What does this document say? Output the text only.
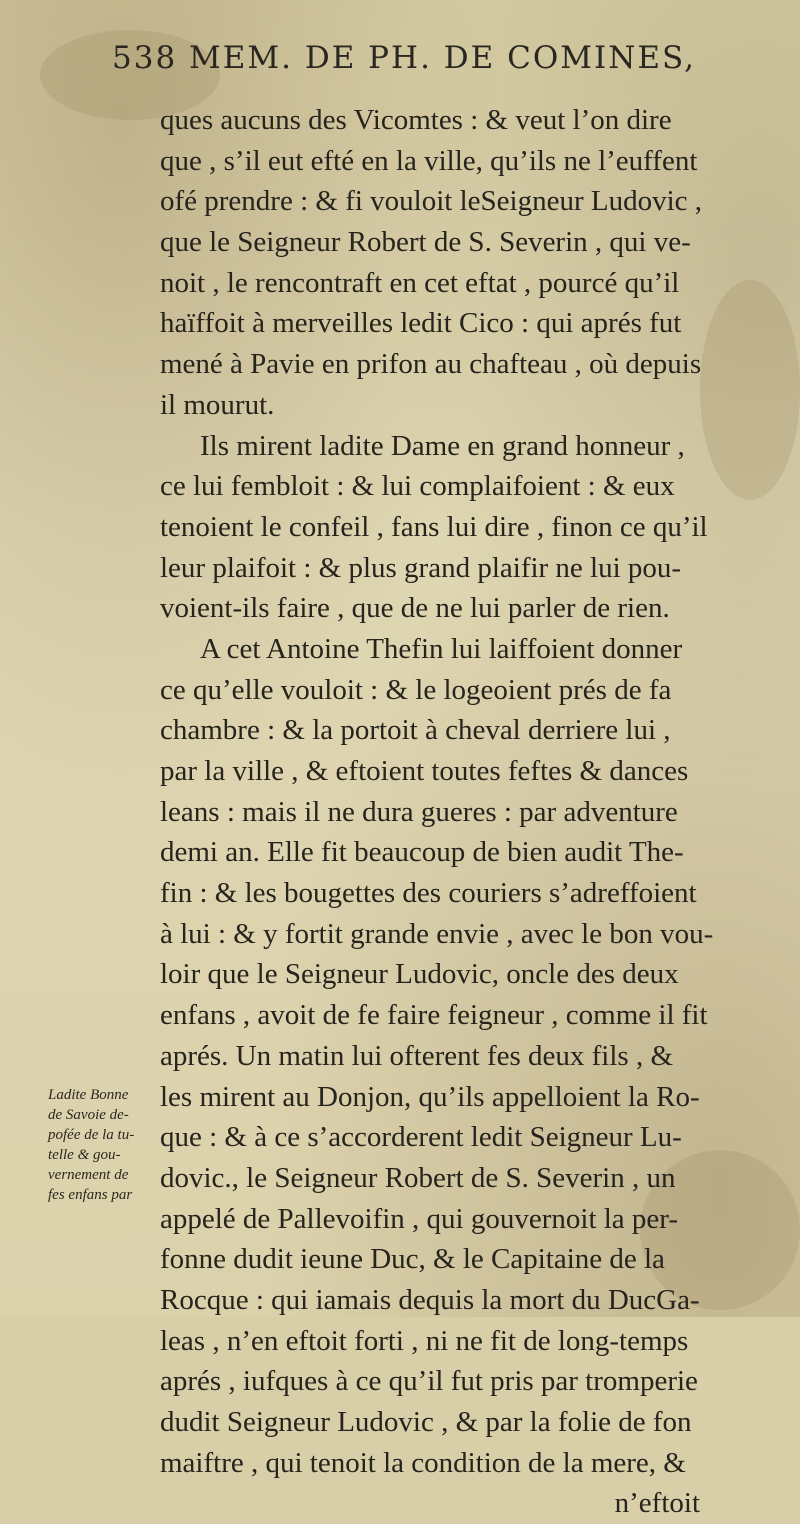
538 MEM. DE PH. DE COMINES,
ques aucuns des Vicomtes : & veut l’on dire
que , s’il eut efté en la ville, qu’ils ne l’euffent
ofé prendre : & fi vouloit leSeigneur Ludovic ,
que le Seigneur Robert de S. Severin , qui ve-
noit , le rencontraft en cet eftat , pourcé qu’il
haïffoit à merveilles ledit Cico : qui aprés fut
mené à Pavie en prifon au chafteau , où depuis
il mourut.
Ils mirent ladite Dame en grand honneur ,
ce lui fembloit : & lui complaifoient : & eux
tenoient le confeil , fans lui dire , finon ce qu’il
leur plaifoit : & plus grand plaifir ne lui pou-
voient-ils faire , que de ne lui parler de rien.
A cet Antoine Thefin lui laiffoient donner
ce qu’elle vouloit : & le logeoient prés de fa
chambre : & la portoit à cheval derriere lui ,
par la ville , & eftoient toutes feftes & dances
leans : mais il ne dura gueres : par adventure
demi an. Elle fit beaucoup de bien audit The-
fin : & les bougettes des couriers s’adreffoient
à lui : & y fortit grande envie , avec le bon vou-
loir que le Seigneur Ludovic, oncle des deux
enfans , avoit de fe faire feigneur , comme il fit
aprés. Un matin lui ofterent fes deux fils , &
les mirent au Donjon, qu’ils appelloient la Ro-
que : & à ce s’accorderent ledit Seigneur Lu-
dovic., le Seigneur Robert de S. Severin , un
appelé de Pallevoifin , qui gouvernoit la per-
fonne dudit ieune Duc, & le Capitaine de la
Rocque : qui iamais dequis la mort du DucGa-
leas , n’en eftoit forti , ni ne fit de long-temps
aprés , iufques à ce qu’il fut pris par tromperie
dudit Seigneur Ludovic , & par la folie de fon
maiftre , qui tenoit la condition de la mere, &
n’eftoit
Ladite Bonne
de Savoie de-
pofée de la tu-
telle & gou-
vernement de
fes enfans par
